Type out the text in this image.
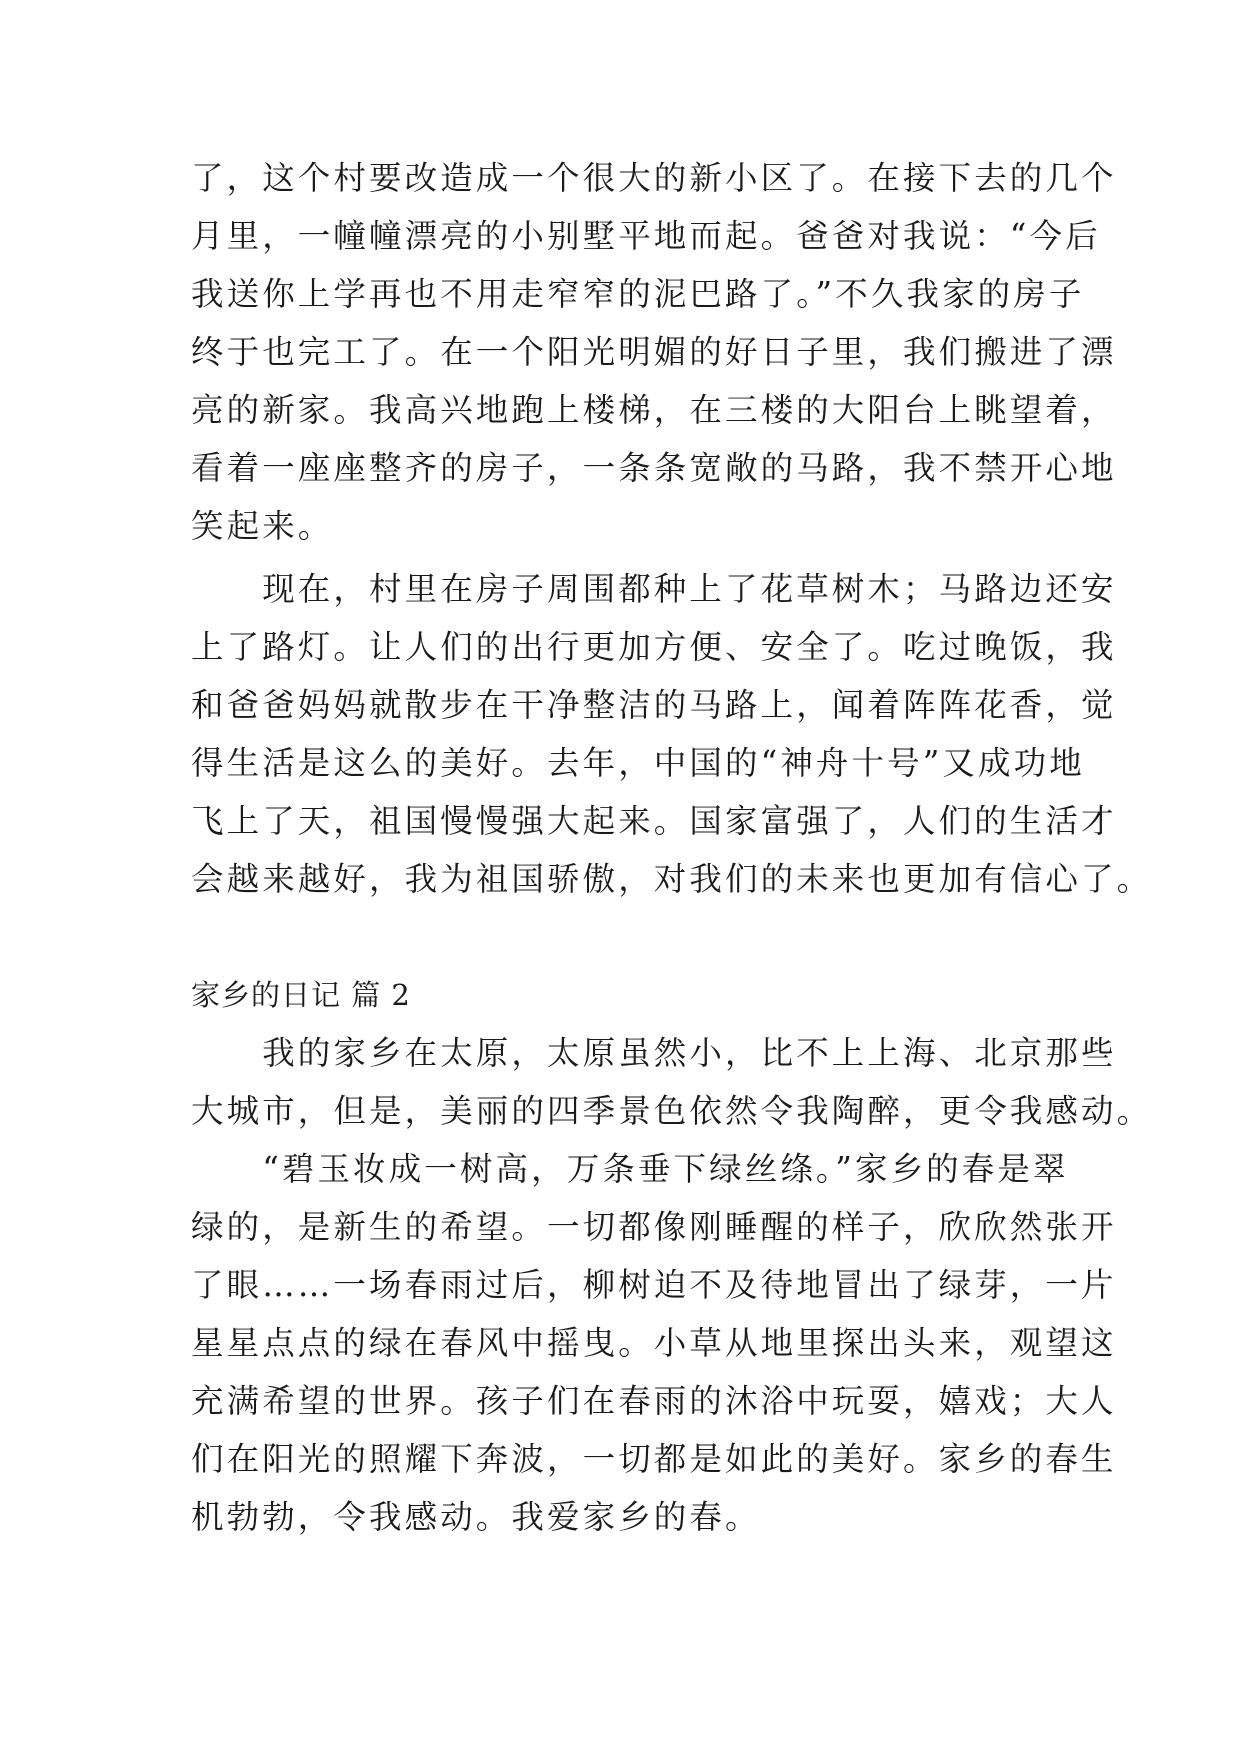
了，这个村要改造成一个很大的新小区了。在接下去的几个
月里，一幢幢漂亮的小别墅平地而起。爸爸对我说：“今后
我送你上学再也不用走窄窄的泥巴路了。”不久我家的房子
终于也完工了。在一个阳光明媚的好日子里，我们搬进了漂
亮的新家。我高兴地跑上楼梯，在三楼的大阳台上眺望着，
看着一座座整齐的房子，一条条宽敞的马路，我不禁开心地
笑起来。
　　现在，村里在房子周围都种上了花草树木；马路边还安
上了路灯。让人们的出行更加方便、安全了。吃过晚饭，我
和爸爸妈妈就散步在干净整洁的马路上，闻着阵阵花香，觉
得生活是这么的美好。去年，中国的“神舟十号”又成功地
飞上了天，祖国慢慢强大起来。国家富强了，人们的生活才
会越来越好，我为祖国骄傲，对我们的未来也更加有信心了。
家乡的日记 篇 2
　　我的家乡在太原，太原虽然小，比不上上海、北京那些
大城市，但是，美丽的四季景色依然令我陶醉，更令我感动。
　　“碧玉妆成一树高，万条垂下绿丝绦。”家乡的春是翠
绿的，是新生的希望。一切都像刚睡醒的样子，欣欣然张开
了眼……一场春雨过后，柳树迫不及待地冒出了绿芽，一片
星星点点的绿在春风中摇曳。小草从地里探出头来，观望这
充满希望的世界。孩子们在春雨的沐浴中玩耍，嬉戏；大人
们在阳光的照耀下奔波，一切都是如此的美好。家乡的春生
机勃勃，令我感动。我爱家乡的春。
